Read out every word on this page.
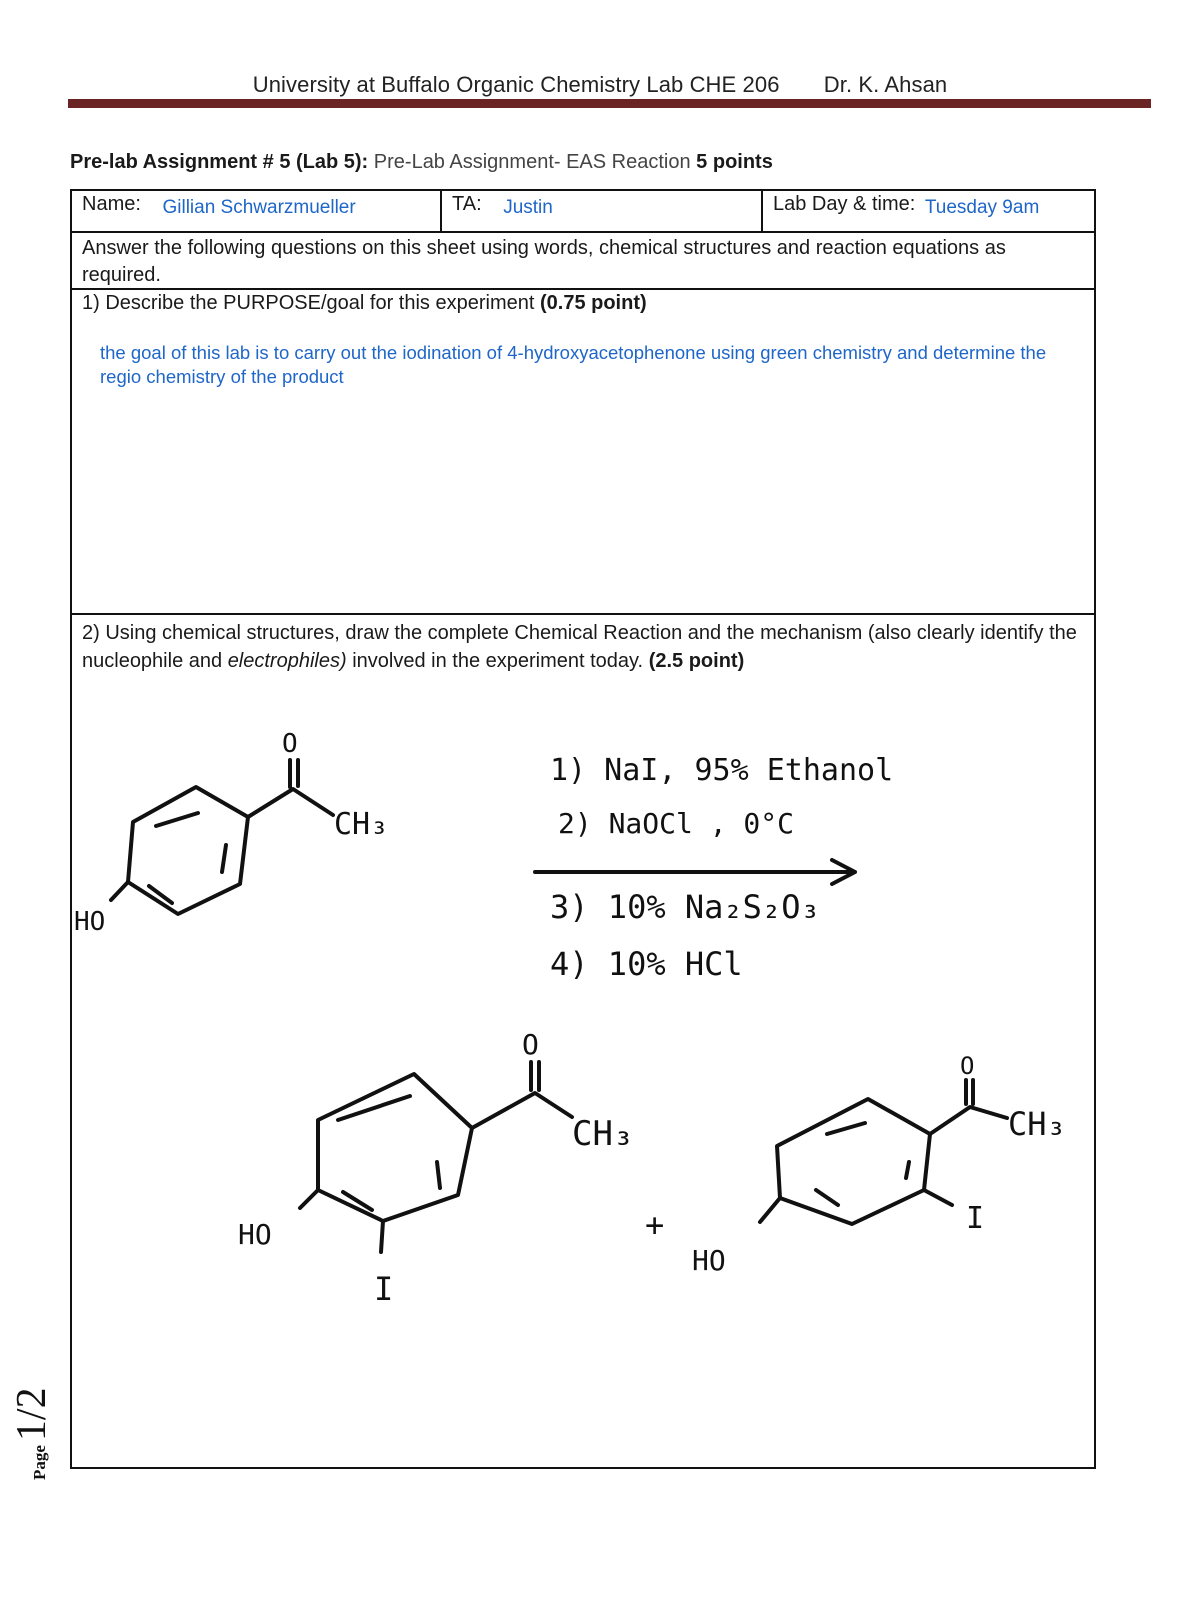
University at Buffalo Organic Chemistry Lab CHE 206 Dr. K. Ahsan
Pre-lab Assignment # 5 (Lab 5): Pre-Lab Assignment- EAS Reaction 5 points
Name: Gillian Schwarzmueller	TA: Justin	Lab Day & time: Tuesday 9am
Answer the following questions on this sheet using words, chemical structures and reaction equations as required.
1) Describe the PURPOSE/goal for this experiment (0.75 point)
the goal of this lab is to carry out the iodination of 4-hydroxyacetophenone using green chemistry and determine the regio chemistry of the product
2) Using chemical structures, draw the complete Chemical Reaction and the mechanism (also clearly identify the nucleophile and electrophiles) involved in the experiment today. (2.5 point)
O
CH₃
HO
1) NaI, 95% Ethanol
2) NaOCl , 0°C
3) 10% Na₂S₂O₃
4) 10% HCl
O
CH₃
HO
I
+
O
CH₃
HO
I
Page 1/2
